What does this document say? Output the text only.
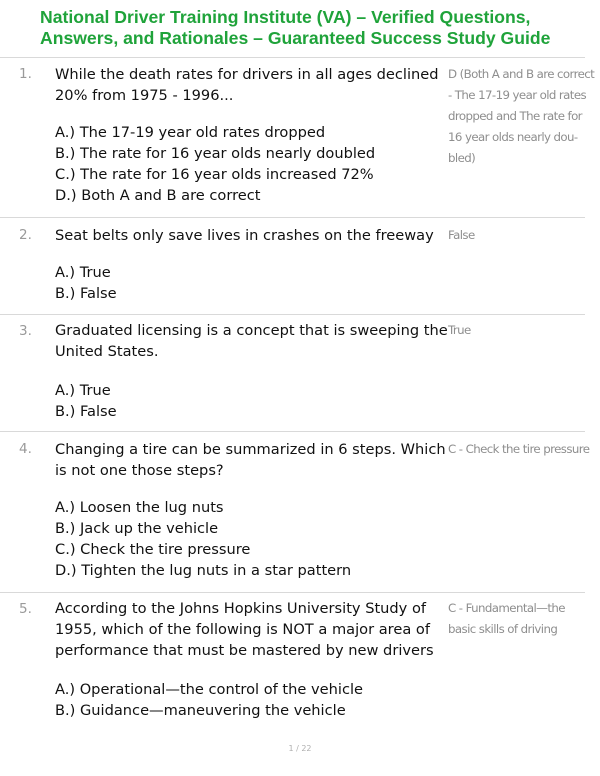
National Driver Training Institute (VA) – Verified Questions,
Answers, and Rationales – Guaranteed Success Study Guide
1. While the death rates for drivers in all ages declined
20% from 1975 - 1996...
A.) The 17-19 year old rates dropped
B.) The rate for 16 year olds nearly doubled
C.) The rate for 16 year olds increased 72%
D.) Both A and B are correct
D (Both A and B are correct
- The 17-19 year old rates
dropped and The rate for
16 year olds nearly dou-
bled)
2. Seat belts only save lives in crashes on the freeway
A.) True
B.) False
False
3. Graduated licensing is a concept that is sweeping the
United States.
A.) True
B.) False
True
4. Changing a tire can be summarized in 6 steps. Which
is not one those steps?
A.) Loosen the lug nuts
B.) Jack up the vehicle
C.) Check the tire pressure
D.) Tighten the lug nuts in a star pattern
C - Check the tire pressure
5. According to the Johns Hopkins University Study of
1955, which of the following is NOT a major area of
performance that must be mastered by new drivers
A.) Operational—the control of the vehicle
B.) Guidance—maneuvering the vehicle
C - Fundamental—the
basic skills of driving
1 / 22
